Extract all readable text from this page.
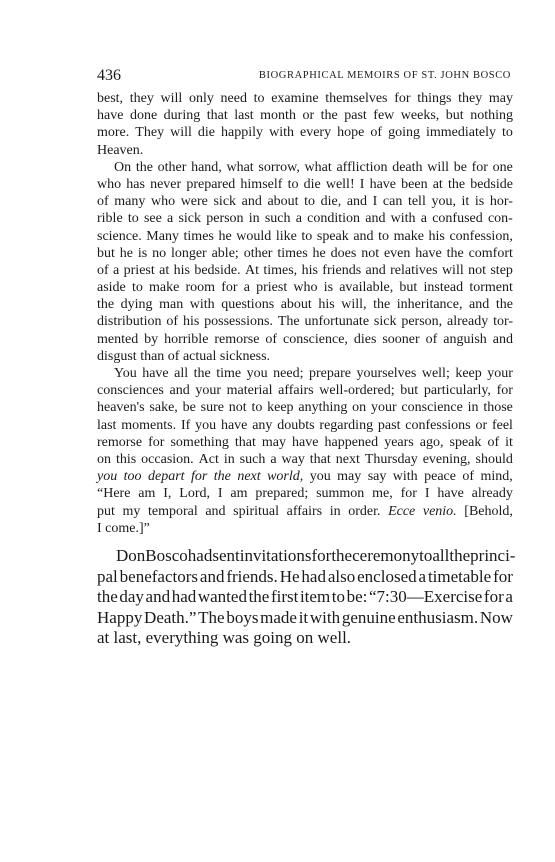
436	BIOGRAPHICAL MEMOIRS OF ST. JOHN BOSCO
best, they will only need to examine themselves for things they may
have done during that last month or the past few weeks, but nothing
more. They will die happily with every hope of going immediately to
Heaven.
On the other hand, what sorrow, what affliction death will be for one
who has never prepared himself to die well! I have been at the bedside
of many who were sick and about to die, and I can tell you, it is hor-
rible to see a sick person in such a condition and with a confused con-
science. Many times he would like to speak and to make his confession,
but he is no longer able; other times he does not even have the comfort
of a priest at his bedside. At times, his friends and relatives will not step
aside to make room for a priest who is available, but instead torment
the dying man with questions about his will, the inheritance, and the
distribution of his possessions. The unfortunate sick person, already tor-
mented by horrible remorse of conscience, dies sooner of anguish and
disgust than of actual sickness.
You have all the time you need; prepare yourselves well; keep your
consciences and your material affairs well-ordered; but particularly, for
heaven's sake, be sure not to keep anything on your conscience in those
last moments. If you have any doubts regarding past confessions or feel
remorse for something that may have happened years ago, speak of it
on this occasion. Act in such a way that next Thursday evening, should
you too depart for the next world, you may say with peace of mind,
“Here am I, Lord, I am prepared; summon me, for I have already
put my temporal and spiritual affairs in order. Ecce venio. [Behold,
I come.]”
Don Bosco had sent invitations for the ceremony to all the princi-
pal benefactors and friends. He had also enclosed a timetable for
the day and had wanted the first item to be: “7:30—Exercise for a
Happy Death.” The boys made it with genuine enthusiasm. Now
at last, everything was going on well.
